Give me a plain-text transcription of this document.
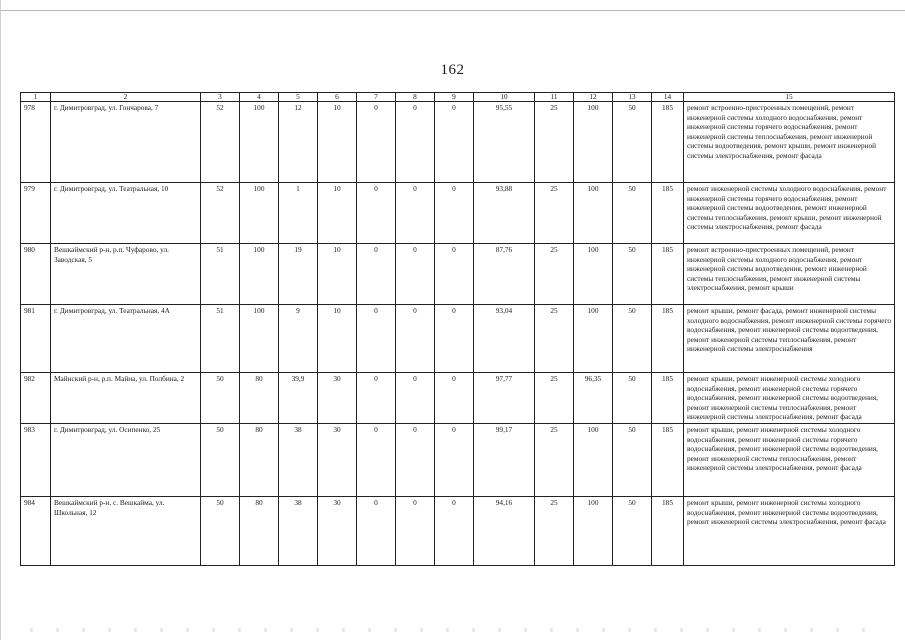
162
1	2	3	4	5	6	7	8	9	10	11	12	13	14	15
978	г. Димитровград, ул. Гончарова, 7	52	100	12	10	0	0	0	95,55	25	100	50	185	ремонт встроенно-пристроенных помещений, ремонт инженерной системы холодного водоснабжения, ремонт инженерной системы горячего водоснабжения, ремонт инженерной системы теплоснабжения, ремонт инженерной системы водоотведения, ремонт крыши, ремонт инженерной системы электроснабжения, ремонт фасада
979	г. Димитровград, ул. Театральная, 10	52	100	1	10	0	0	0	93,88	25	100	50	185	ремонт инженерной системы холодного водоснабжения, ремонт инженерной системы горячего водоснабжения, ремонт инженерной системы водоотведения, ремонт инженерной системы теплоснабжения, ремонт крыши, ремонт инженерной системы электроснабжения, ремонт фасада
980	Вешкаймский р-н, р.п. Чуфарово, ул. Заводская, 5	51	100	19	10	0	0	0	87,76	25	100	50	185	ремонт встроенно-пристроенных помещений, ремонт инженерной системы холодного водоснабжения, ремонт инженерной системы водоотведения, ремонт инженерной системы теплоснабжения, ремонт инженерной системы электроснабжения, ремонт крыши
981	г. Димитровград, ул. Театральная, 4А	51	100	9	10	0	0	0	93,04	25	100	50	185	ремонт крыши, ремонт фасада, ремонт инженерной системы холодного водоснабжения, ремонт инженерной системы горячего водоснабжения, ремонт инженерной системы водоотведения, ремонт инженерной системы теплоснабжения, ремонт инженерной системы электроснабжения
982	Майнский р-н, р.п. Майна, ул. Полбина, 2	50	80	39,9	30	0	0	0	97,77	25	96,35	50	185	ремонт крыши, ремонт инженерной системы холодного водоснабжения, ремонт инженерной системы горячего водоснабжения, ремонт инженерной системы водоотведения, ремонт инженерной системы теплоснабжения, ремонт инженерной системы электроснабжения, ремонт фасада
983	г. Димитровград, ул. Осипенко, 25	50	80	38	30	0	0	0	99,17	25	100	50	185	ремонт крыши, ремонт инженерной системы холодного водоснабжения, ремонт инженерной системы горячего водоснабжения, ремонт инженерной системы водоотведения, ремонт инженерной системы теплоснабжения, ремонт инженерной системы электроснабжения, ремонт фасада
984	Вешкаймский р-н, с. Вешкайма, ул. Школьная, 12	50	80	38	30	0	0	0	94,16	25	100	50	185	ремонт крыши, ремонт инженерной системы холодного водоснабжения, ремонт инженерной системы водоотведения, ремонт инженерной системы электроснабжения, ремонт фасада
